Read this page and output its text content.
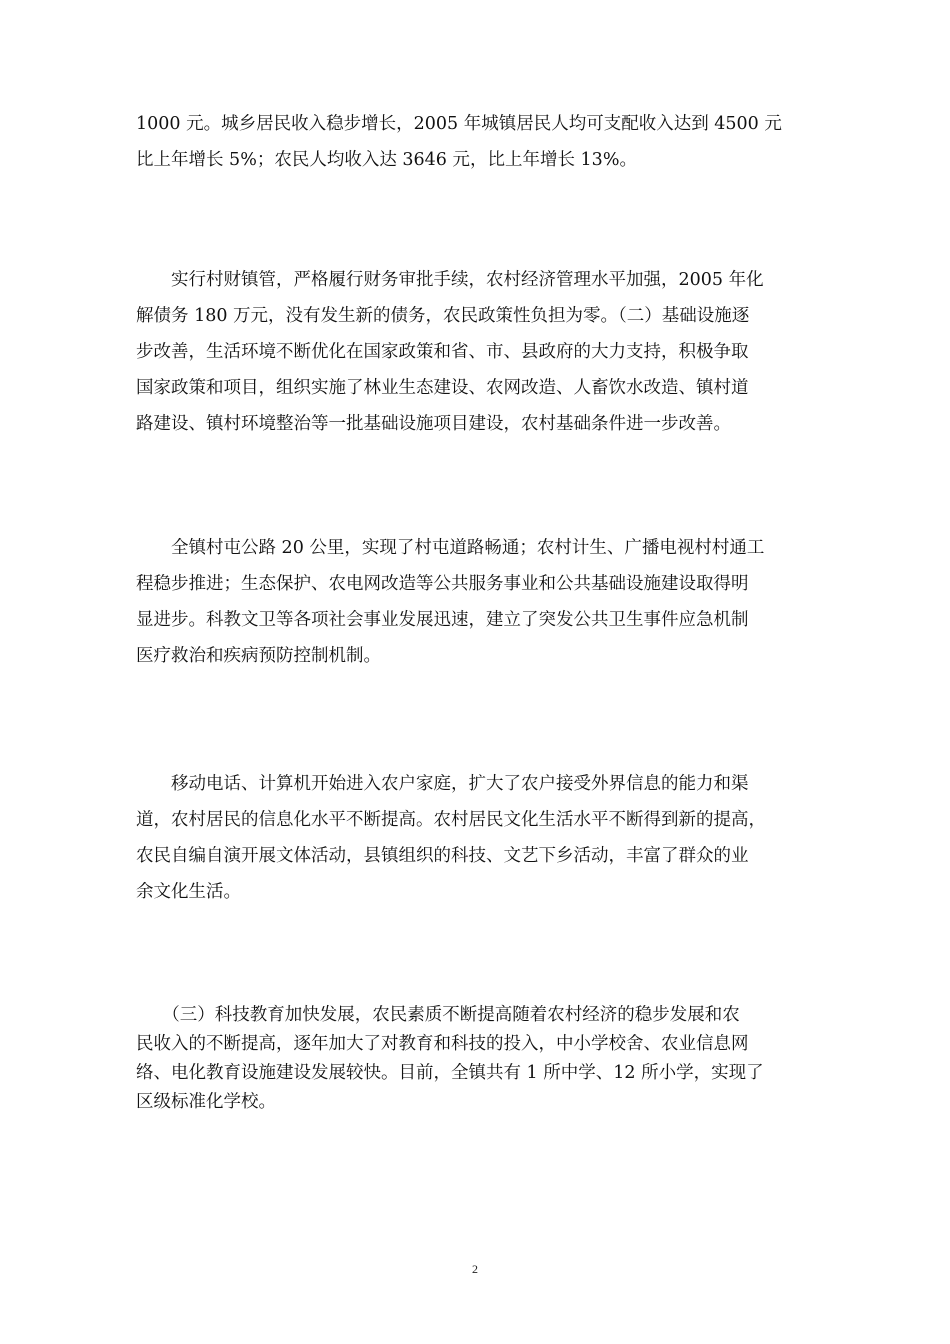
1000 元。城乡居民收入稳步增长，2005 年城镇居民人均可支配收入达到 4500 元
比上年增长 5%；农民人均收入达 3646 元，比上年增长 13%。
　　实行村财镇管，严格履行财务审批手续，农村经济管理水平加强，2005 年化
解债务 180 万元，没有发生新的债务，农民政策性负担为零。（二）基础设施逐
步改善，生活环境不断优化在国家政策和省、市、县政府的大力支持，积极争取
国家政策和项目，组织实施了林业生态建设、农网改造、人畜饮水改造、镇村道
路建设、镇村环境整治等一批基础设施项目建设，农村基础条件进一步改善。
　　全镇村屯公路 20 公里，实现了村屯道路畅通；农村计生、广播电视村村通工
程稳步推进；生态保护、农电网改造等公共服务事业和公共基础设施建设取得明
显进步。科教文卫等各项社会事业发展迅速，建立了突发公共卫生事件应急机制
医疗救治和疾病预防控制机制。
　　移动电话、计算机开始进入农户家庭，扩大了农户接受外界信息的能力和渠
道，农村居民的信息化水平不断提高。农村居民文化生活水平不断得到新的提高，
农民自编自演开展文体活动，县镇组织的科技、文艺下乡活动，丰富了群众的业
余文化生活。
　　（三）科技教育加快发展，农民素质不断提高随着农村经济的稳步发展和农
民收入的不断提高，逐年加大了对教育和科技的投入，中小学校舍、农业信息网
络、电化教育设施建设发展较快。目前，全镇共有 1 所中学、12 所小学，实现了
区级标准化学校。
2
